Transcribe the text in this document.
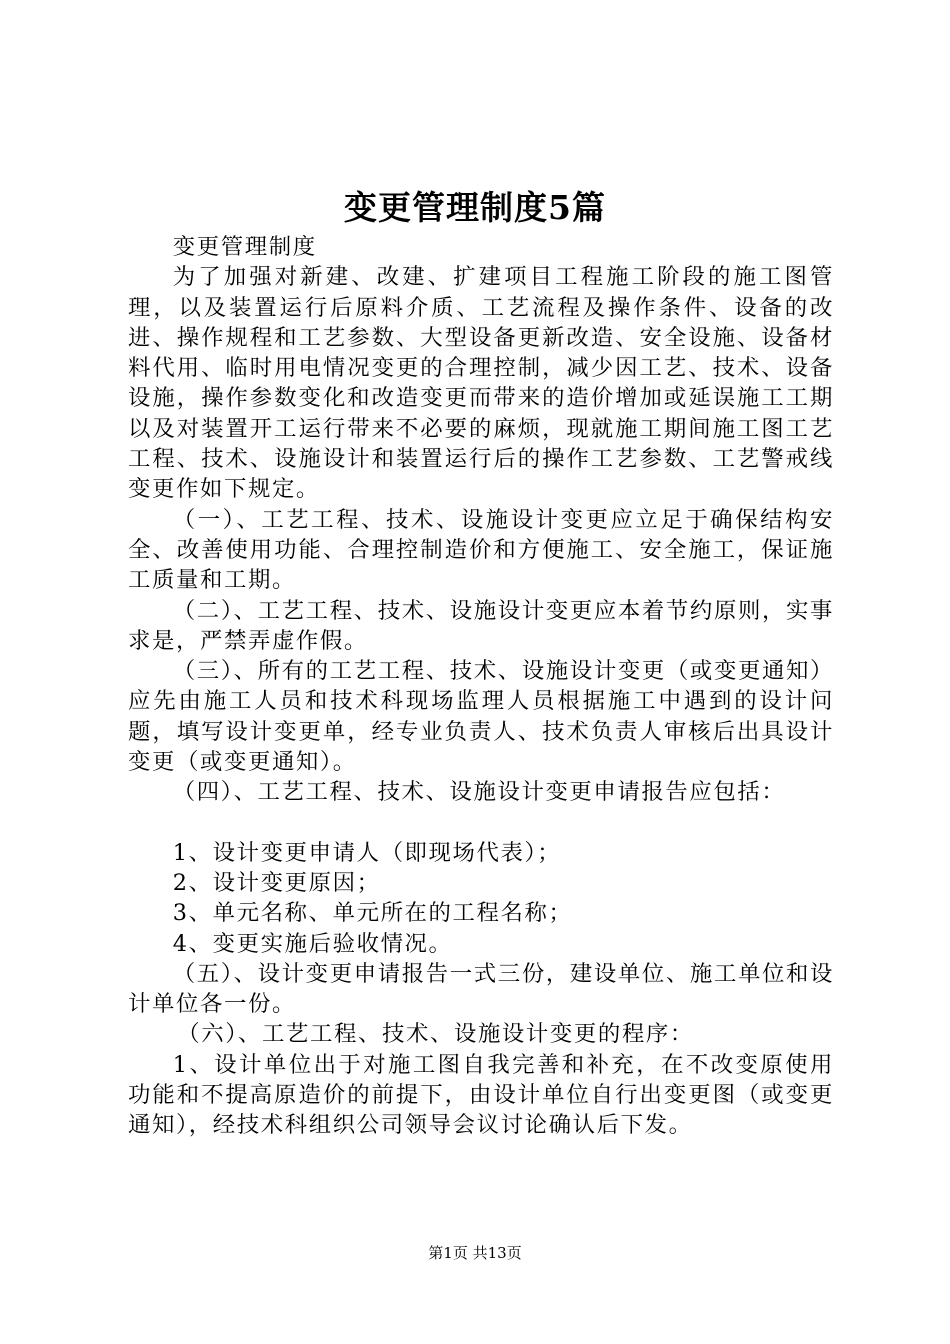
变更管理制度5篇

变更管理制度

为了加强对新建、改建、扩建项目工程施工阶段的施工图管理，以及装置运行后原料介质、工艺流程及操作条件、设备的改进、操作规程和工艺参数、大型设备更新改造、安全设施、设备材料代用、临时用电情况变更的合理控制，减少因工艺、技术、设备设施，操作参数变化和改造变更而带来的造价增加或延误施工工期以及对装置开工运行带来不必要的麻烦，现就施工期间施工图工艺工程、技术、设施设计和装置运行后的操作工艺参数、工艺警戒线变更作如下规定。

（一）、工艺工程、技术、设施设计变更应立足于确保结构安全、改善使用功能、合理控制造价和方便施工、安全施工，保证施工质量和工期。

（二）、工艺工程、技术、设施设计变更应本着节约原则，实事求是，严禁弄虚作假。

（三）、所有的工艺工程、技术、设施设计变更（或变更通知）应先由施工人员和技术科现场监理人员根据施工中遇到的设计问题，填写设计变更单，经专业负责人、技术负责人审核后出具设计变更（或变更通知）。

（四）、工艺工程、技术、设施设计变更申请报告应包括：

1、设计变更申请人（即现场代表）；

2、设计变更原因；

3、单元名称、单元所在的工程名称；

4、变更实施后验收情况。

（五）、设计变更申请报告一式三份，建设单位、施工单位和设计单位各一份。

（六）、工艺工程、技术、设施设计变更的程序：

1、设计单位出于对施工图自我完善和补充，在不改变原使用功能和不提高原造价的前提下，由设计单位自行出变更图（或变更通知），经技术科组织公司领导会议讨论确认后下发。

第1页 共13页
